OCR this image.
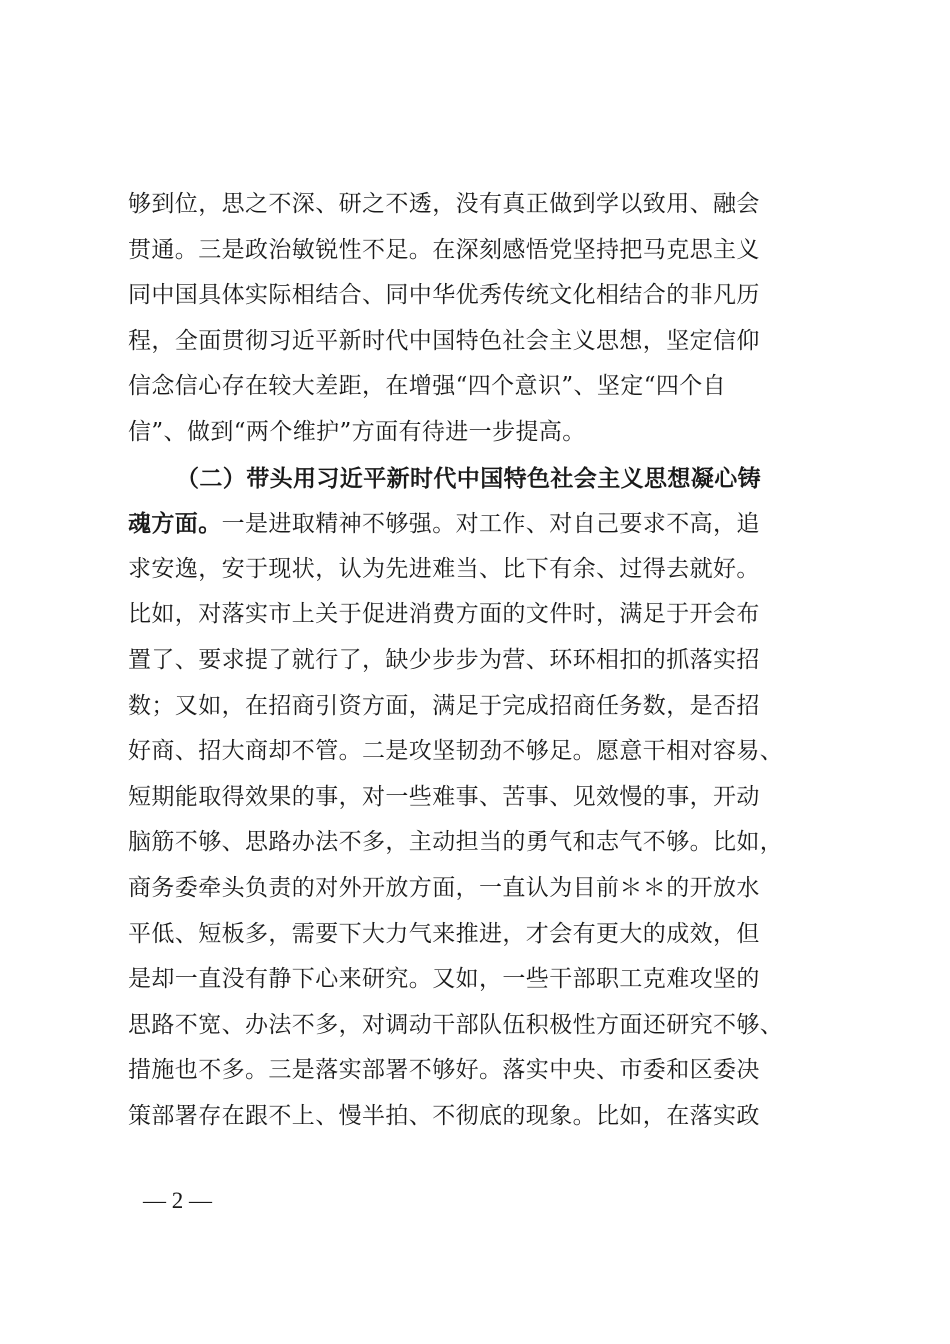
够到位，思之不深、研之不透，没有真正做到学以致用、融会
贯通。三是政治敏锐性不足。在深刻感悟党坚持把马克思主义
同中国具体实际相结合、同中华优秀传统文化相结合的非凡历
程，全面贯彻习近平新时代中国特色社会主义思想，坚定信仰
信念信心存在较大差距，在增强“四个意识”、坚定“四个自
信”、做到“两个维护”方面有待进一步提高。
（二）带头用习近平新时代中国特色社会主义思想凝心铸
魂方面。一是进取精神不够强。对工作、对自己要求不高，追
求安逸，安于现状，认为先进难当、比下有余、过得去就好。
比如，对落实市上关于促进消费方面的文件时，满足于开会布
置了、要求提了就行了，缺少步步为营、环环相扣的抓落实招
数；又如，在招商引资方面，满足于完成招商任务数，是否招
好商、招大商却不管。二是攻坚韧劲不够足。愿意干相对容易、
短期能取得效果的事，对一些难事、苦事、见效慢的事，开动
脑筋不够、思路办法不多，主动担当的勇气和志气不够。比如，
商务委牵头负责的对外开放方面，一直认为目前＊＊的开放水
平低、短板多，需要下大力气来推进，才会有更大的成效，但
是却一直没有静下心来研究。又如，一些干部职工克难攻坚的
思路不宽、办法不多，对调动干部队伍积极性方面还研究不够、
措施也不多。三是落实部署不够好。落实中央、市委和区委决
策部署存在跟不上、慢半拍、不彻底的现象。比如，在落实政
— 2 —
